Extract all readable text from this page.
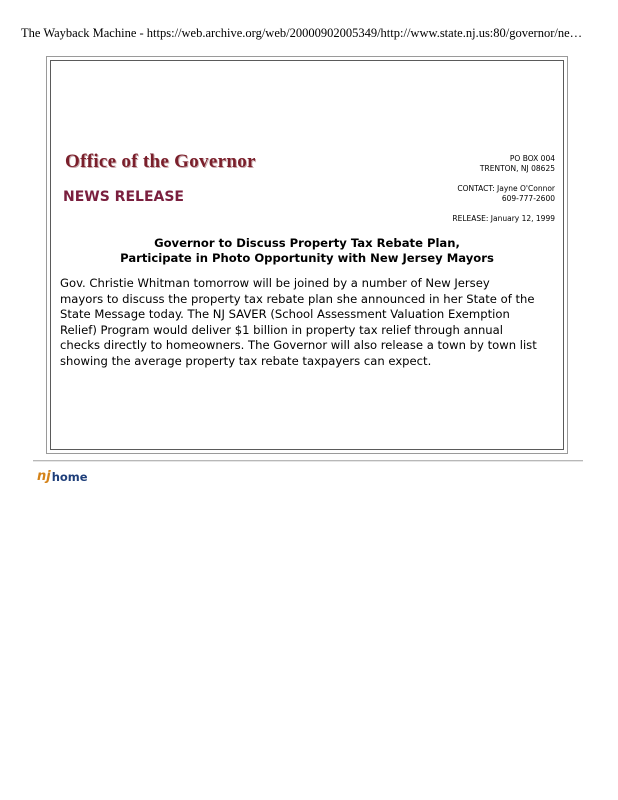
The Wayback Machine - https://web.archive.org/web/20000902005349/http://www.state.nj.us:80/governor/ne…
Office of the Governor
NEWS RELEASE
PO BOX 004
TRENTON, NJ 08625
CONTACT: Jayne O'Connor
609-777-2600
RELEASE: January 12, 1999
Governor to Discuss Property Tax Rebate Plan,
Participate in Photo Opportunity with New Jersey Mayors
Gov. Christie Whitman tomorrow will be joined by a number of New Jersey
mayors to discuss the property tax rebate plan she announced in her State of the
State Message today. The NJ SAVER (School Assessment Valuation Exemption
Relief) Program would deliver $1 billion in property tax relief through annual
checks directly to homeowners. The Governor will also release a town by town list
showing the average property tax rebate taxpayers can expect.
nj home
